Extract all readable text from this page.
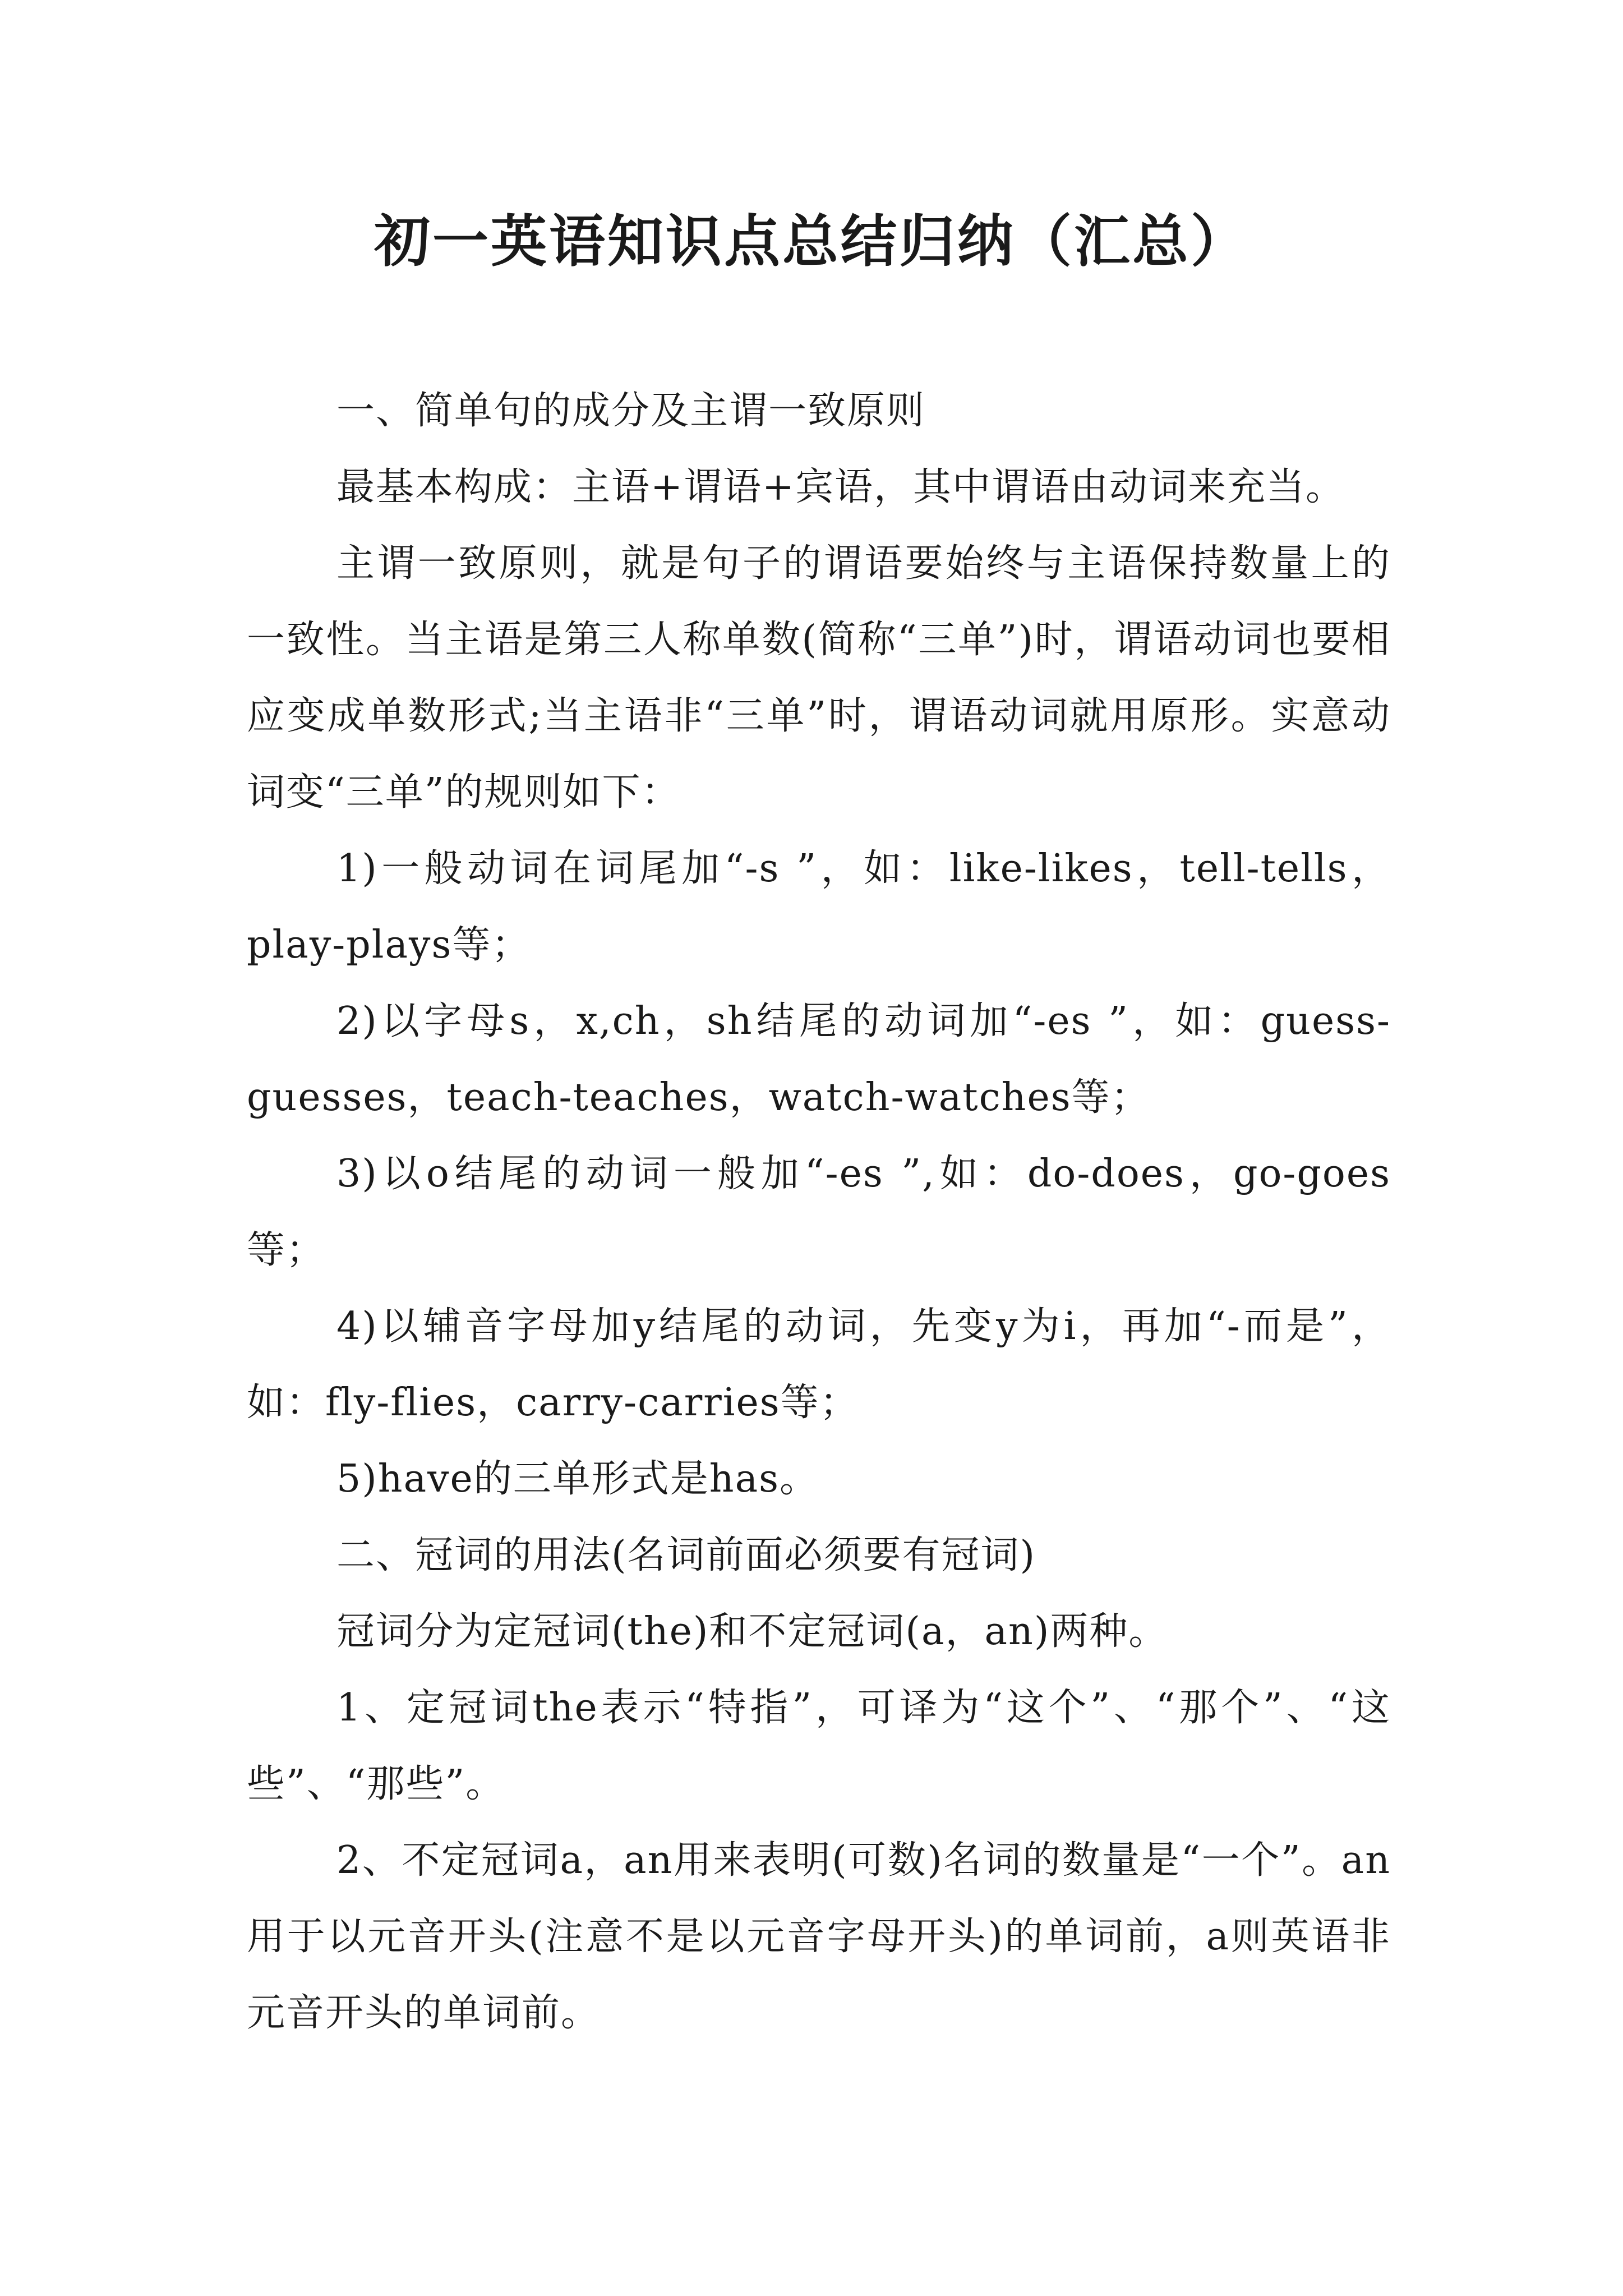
初一英语知识点总结归纳（汇总）

一、简单句的成分及主谓一致原则

最基本构成：主语+谓语+宾语，其中谓语由动词来充当。

主谓一致原则，就是句子的谓语要始终与主语保持数量上的一致性。当主语是第三人称单数(简称“三单”)时，谓语动词也要相应变成单数形式;当主语非“三单”时，谓语动词就用原形。实意动词变“三单”的规则如下：

1)一般动词在词尾加“-s ”，如：like-likes，tell-tells，play-plays等；

2)以字母s，x,ch，sh结尾的动词加“-es ”，如：guess-guesses，teach-teaches，watch-watches等；

3)以o结尾的动词一般加“-es ”,如：do-does，go-goes等；

4)以辅音字母加y结尾的动词，先变y为i，再加“-而是”，如：fly-flies，carry-carries等；

5)have的三单形式是has。

二、冠词的用法(名词前面必须要有冠词)

冠词分为定冠词(the)和不定冠词(a，an)两种。

1、定冠词the表示“特指”，可译为“这个”、“那个”、“这些”、“那些”。

2、不定冠词a，an用来表明(可数)名词的数量是“一个”。an用于以元音开头(注意不是以元音字母开头)的单词前，a则英语非元音开头的单词前。
